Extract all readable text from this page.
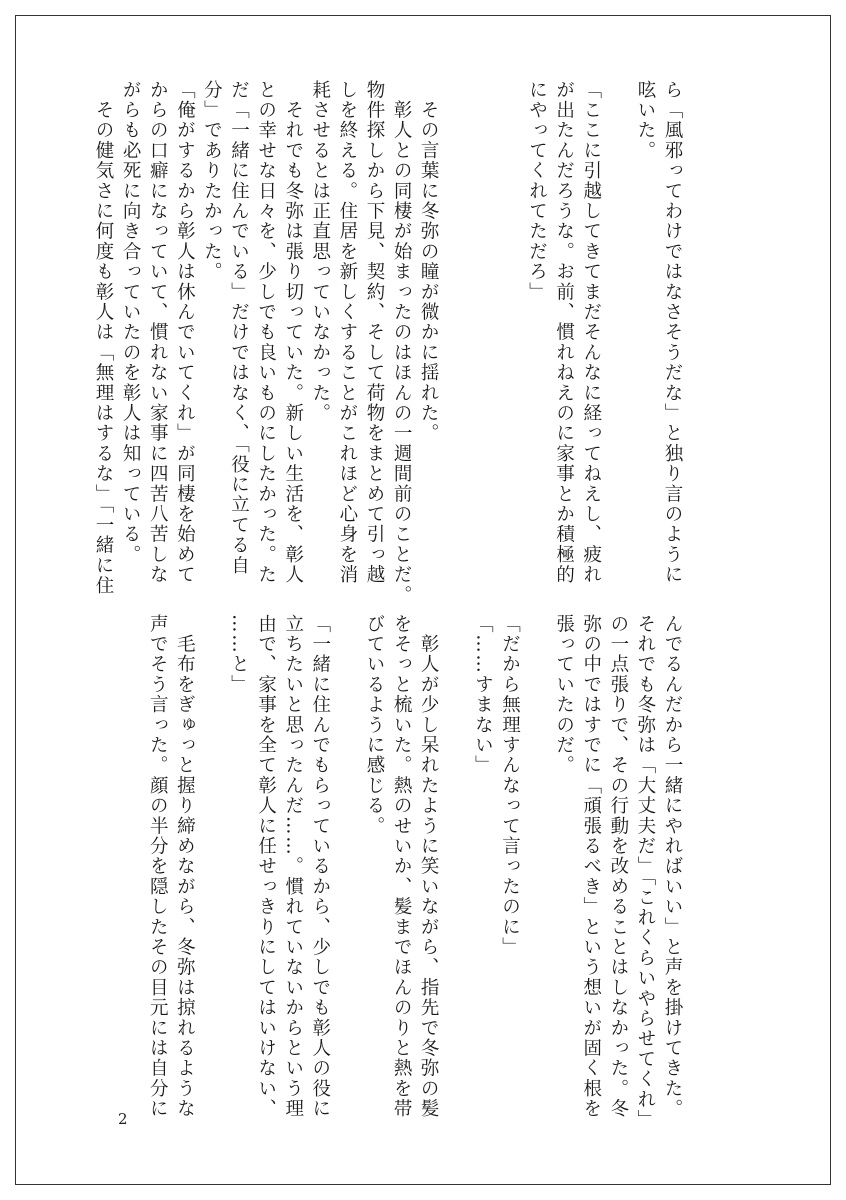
ら「風邪ってわけではなさそうだな」と独り言のように
呟いた。
「ここに引越してきてまだそんなに経ってねえし、疲れ
が出たんだろうな。お前、慣れねえのに家事とか積極的
にやってくれてただろ」
　その言葉に冬弥の瞳が微かに揺れた。
　彰人との同棲が始まったのはほんの一週間前のことだ。
物件探しから下見、契約、そして荷物をまとめて引っ越
しを終える。住居を新しくすることがこれほど心身を消
耗させるとは正直思っていなかった。
　それでも冬弥は張り切っていた。新しい生活を、彰人
との幸せな日々を、少しでも良いものにしたかった。た
だ「一緒に住んでいる」だけではなく、「役に立てる自
分」でありたかった。
「俺がするから彰人は休んでいてくれ」が同棲を始めて
からの口癖になっていて、慣れない家事に四苦八苦しな
がらも必死に向き合っていたのを彰人は知っている。
　その健気さに何度も彰人は「無理はするな」「一緒に住
んでるんだから一緒にやればいい」と声を掛けてきた。
それでも冬弥は「大丈夫だ」「これくらいやらせてくれ」
の一点張りで、その行動を改めることはしなかった。冬
弥の中ではすでに「頑張るべき」という想いが固く根を
張っていたのだ。
「だから無理すんなって言ったのに」
「……すまない」
　彰人が少し呆れたように笑いながら、指先で冬弥の髪
をそっと梳いた。熱のせいか、髪までほんのりと熱を帯
びているように感じる。
「一緒に住んでもらっているから、少しでも彰人の役に
立ちたいと思ったんだ……。慣れていないからという理
由で、家事を全て彰人に任せっきりにしてはいけない、
……と」
　毛布をぎゅっと握り締めながら、冬弥は掠れるような
声でそう言った。顔の半分を隠したその目元には自分に
2
